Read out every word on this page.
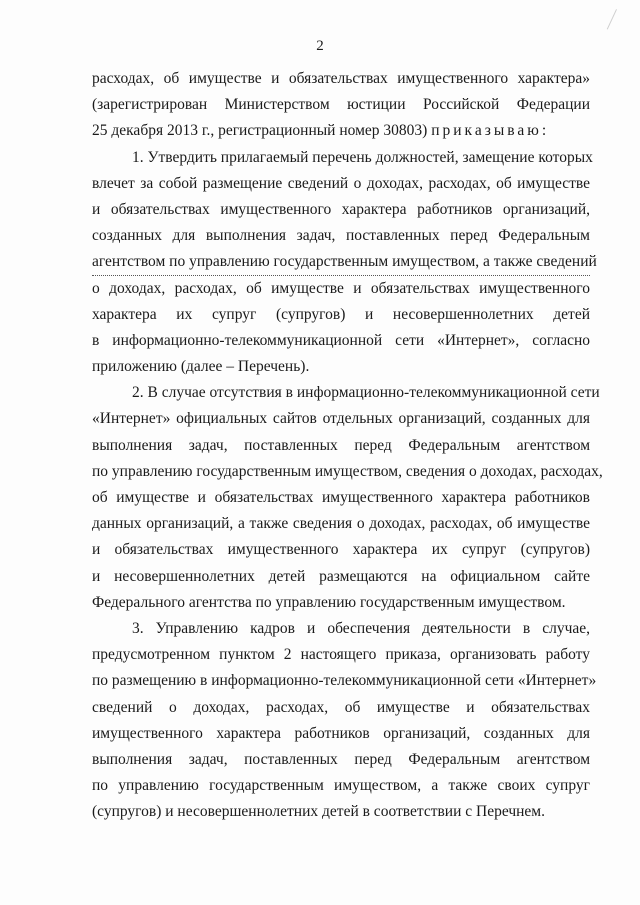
2
расходах, об имуществе и обязательствах имущественного характера»
(зарегистрирован Министерством юстиции Российской Федерации
25 декабря 2013 г., регистрационный номер 30803) приказываю:
1. Утвердить прилагаемый перечень должностей, замещение которых
влечет за собой размещение сведений о доходах, расходах, об имуществе
и обязательствах имущественного характера работников организаций,
созданных для выполнения задач, поставленных перед Федеральным
агентством по управлению государственным имуществом, а также сведений
о доходах, расходах, об имуществе и обязательствах имущественного
характера их супруг (супругов) и несовершеннолетних детей
в информационно-телекоммуникационной сети «Интернет», согласно
приложению (далее – Перечень).
2. В случае отсутствия в информационно-телекоммуникационной сети
«Интернет» официальных сайтов отдельных организаций, созданных для
выполнения задач, поставленных перед Федеральным агентством
по управлению государственным имуществом, сведения о доходах, расходах,
об имуществе и обязательствах имущественного характера работников
данных организаций, а также сведения о доходах, расходах, об имуществе
и обязательствах имущественного характера их супруг (супругов)
и несовершеннолетних детей размещаются на официальном сайте
Федерального агентства по управлению государственным имуществом.
3. Управлению кадров и обеспечения деятельности в случае,
предусмотренном пунктом 2 настоящего приказа, организовать работу
по размещению в информационно-телекоммуникационной сети «Интернет»
сведений о доходах, расходах, об имуществе и обязательствах
имущественного характера работников организаций, созданных для
выполнения задач, поставленных перед Федеральным агентством
по управлению государственным имуществом, а также своих супруг
(супругов) и несовершеннолетних детей в соответствии с Перечнем.
